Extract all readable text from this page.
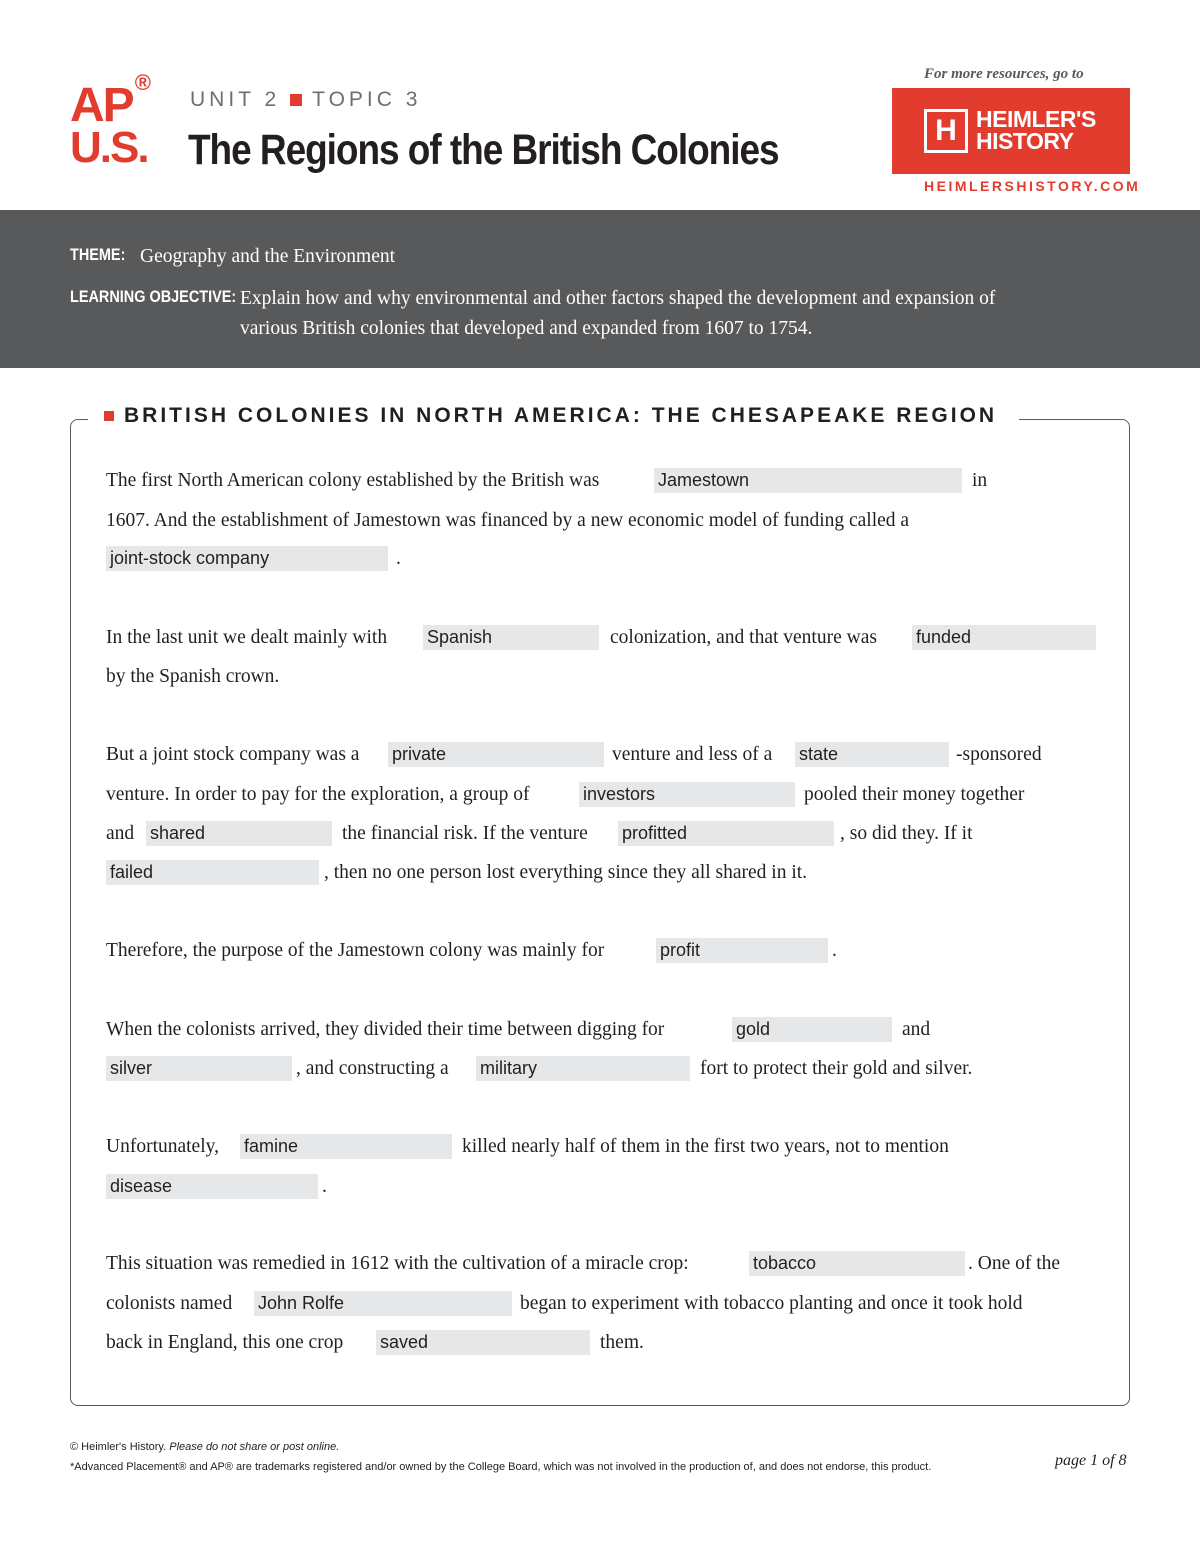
AP®
U.S.
UNIT 2 TOPIC 3
The Regions of the British Colonies
For more resources, go to
H HEIMLER'S
HISTORY
HEIMLERSHISTORY.COM
THEME: Geography and the Environment
LEARNING OBJECTIVE: Explain how and why environmental and other factors shaped the development and expansion of
various British colonies that developed and expanded from 1607 to 1754.
BRITISH COLONIES IN NORTH AMERICA: THE CHESAPEAKE REGION
The first North American colony established by the British was	Jamestown	in
1607. And the establishment of Jamestown was financed by a new economic model of funding called a
joint-stock company	.
In the last unit we dealt mainly with Spanish	colonization, and that venture was funded
by the Spanish crown.
But a joint stock company was a private	venture and less of a state	-sponsored
venture. In order to pay for the exploration, a group of	investors	pooled their money together
and shared	the financial risk. If the venture profitted	, so did they. If it
failed	, then no one person lost everything since they all shared in it.
Therefore, the purpose of the Jamestown colony was mainly for	profit	.
When the colonists arrived, they divided their time between digging for	gold	and
silver	, and constructing a military	fort to protect their gold and silver.
Unfortunately, famine	killed nearly half of them in the first two years, not to mention
disease	.
This situation was remedied in 1612 with the cultivation of a miracle crop:	tobacco	. One of the
colonists named John Rolfe	began to experiment with tobacco planting and once it took hold
back in England, this one crop saved	them.
© Heimler's History. Please do not share or post online.
*Advanced Placement® and AP® are trademarks registered and/or owned by the College Board, which was not involved in the production of, and does not endorse, this product.	page 1 of 8
